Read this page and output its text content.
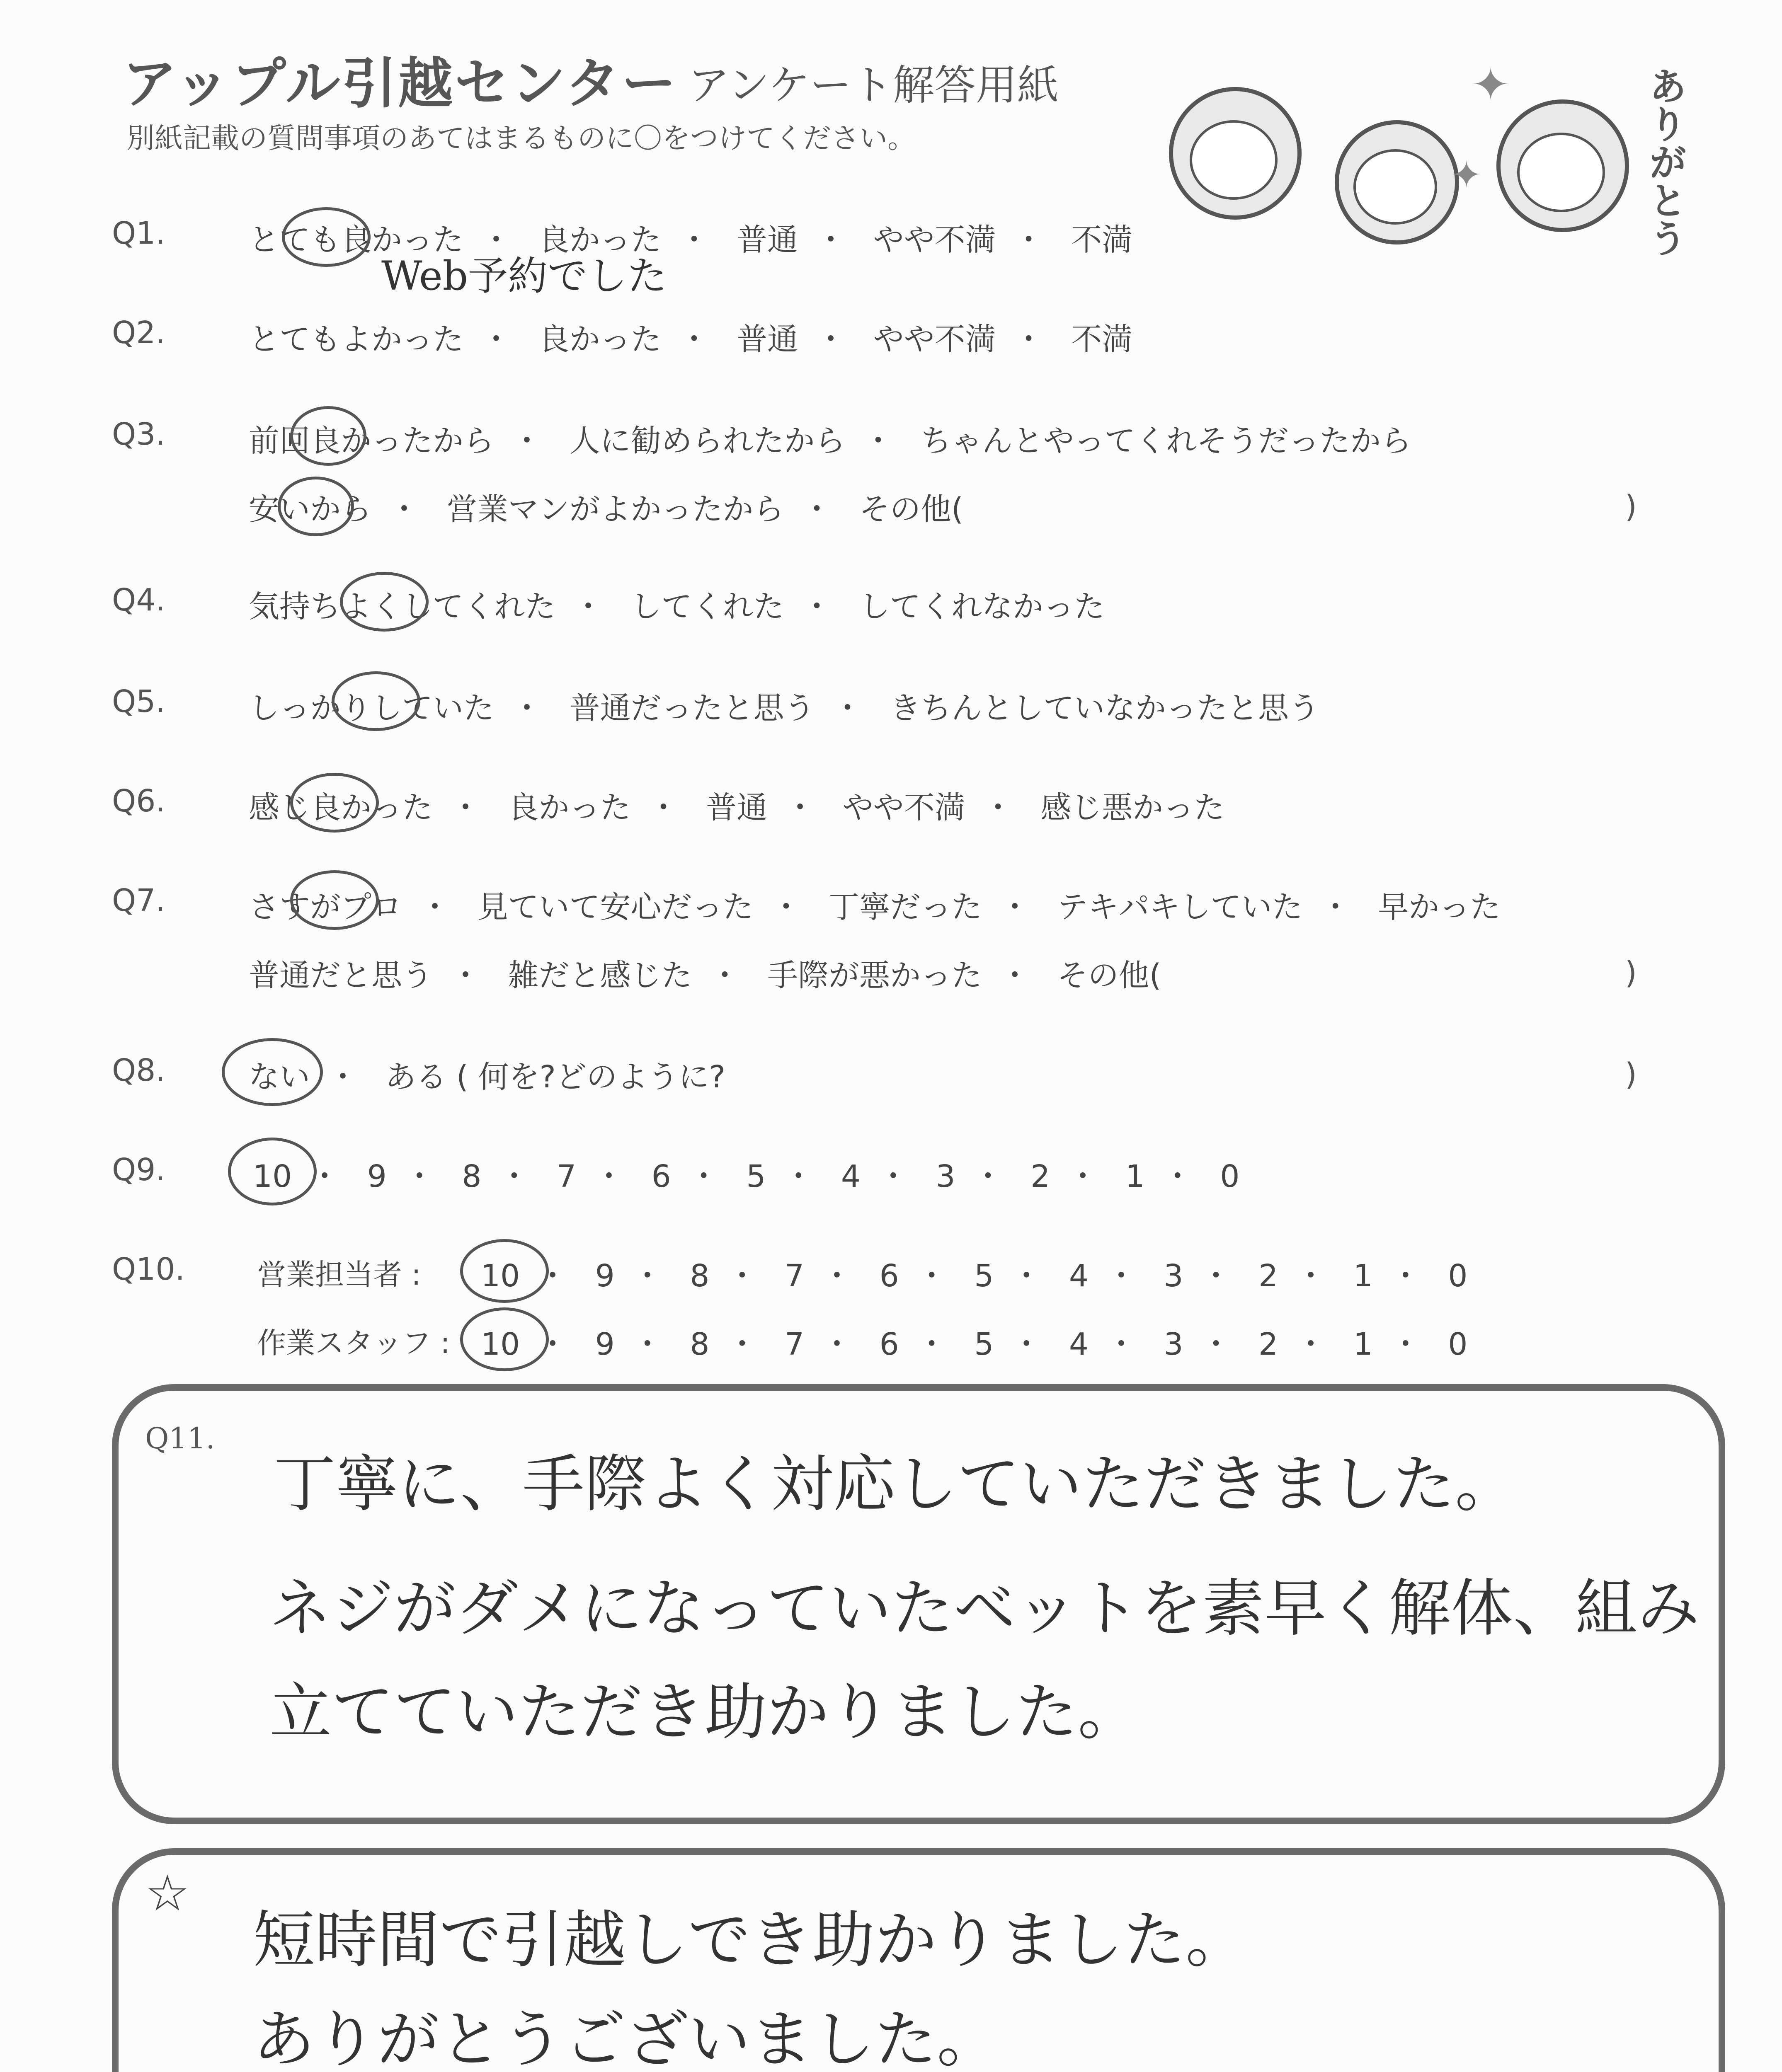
アップル引越センター アンケート解答用紙
別紙記載の質問事項のあてはまるものに〇をつけてください。
✦
✦	ありがとう
Q1.	とても良かった ・ 良かった ・ 普通 ・ やや不満 ・ 不満
Web予約でした
Q2.	とてもよかった ・ 良かった ・ 普通 ・ やや不満 ・ 不満
Q3.	前回良かったから ・ 人に勧められたから ・ ちゃんとやってくれそうだったから
安いから ・ 営業マンがよかったから ・ その他(	)
Q4.	気持ちよくしてくれた ・ してくれた ・ してくれなかった
Q5.	しっかりしていた ・ 普通だったと思う ・ きちんとしていなかったと思う
Q6.	感じ良かった ・ 良かった ・ 普通 ・ やや不満 ・ 感じ悪かった
Q7.	さすがプロ ・ 見ていて安心だった ・ 丁寧だった ・ テキパキしていた ・ 早かった
普通だと思う ・ 雑だと感じた ・ 手際が悪かった ・ その他(	)
Q8.	ない ・ ある ( 何を?どのように?	)
Q9.	10 ・ 9 ・ 8 ・ 7 ・ 6 ・ 5 ・ 4 ・ 3 ・ 2 ・ 1 ・ 0
Q10. 営業担当者 : 10 ・ 9 ・ 8 ・ 7 ・ 6 ・ 5 ・ 4 ・ 3 ・ 2 ・ 1 ・ 0
作業スタッフ : 10 ・ 9 ・ 8 ・ 7 ・ 6 ・ 5 ・ 4 ・ 3 ・ 2 ・ 1 ・ 0
Q11.
丁寧に、手際よく対応していただきました。
ネジがダメになっていたベットを素早く解体、組み
立てていただき助かりました。
☆
短時間で引越しでき助かりました。
ありがとうございました。
